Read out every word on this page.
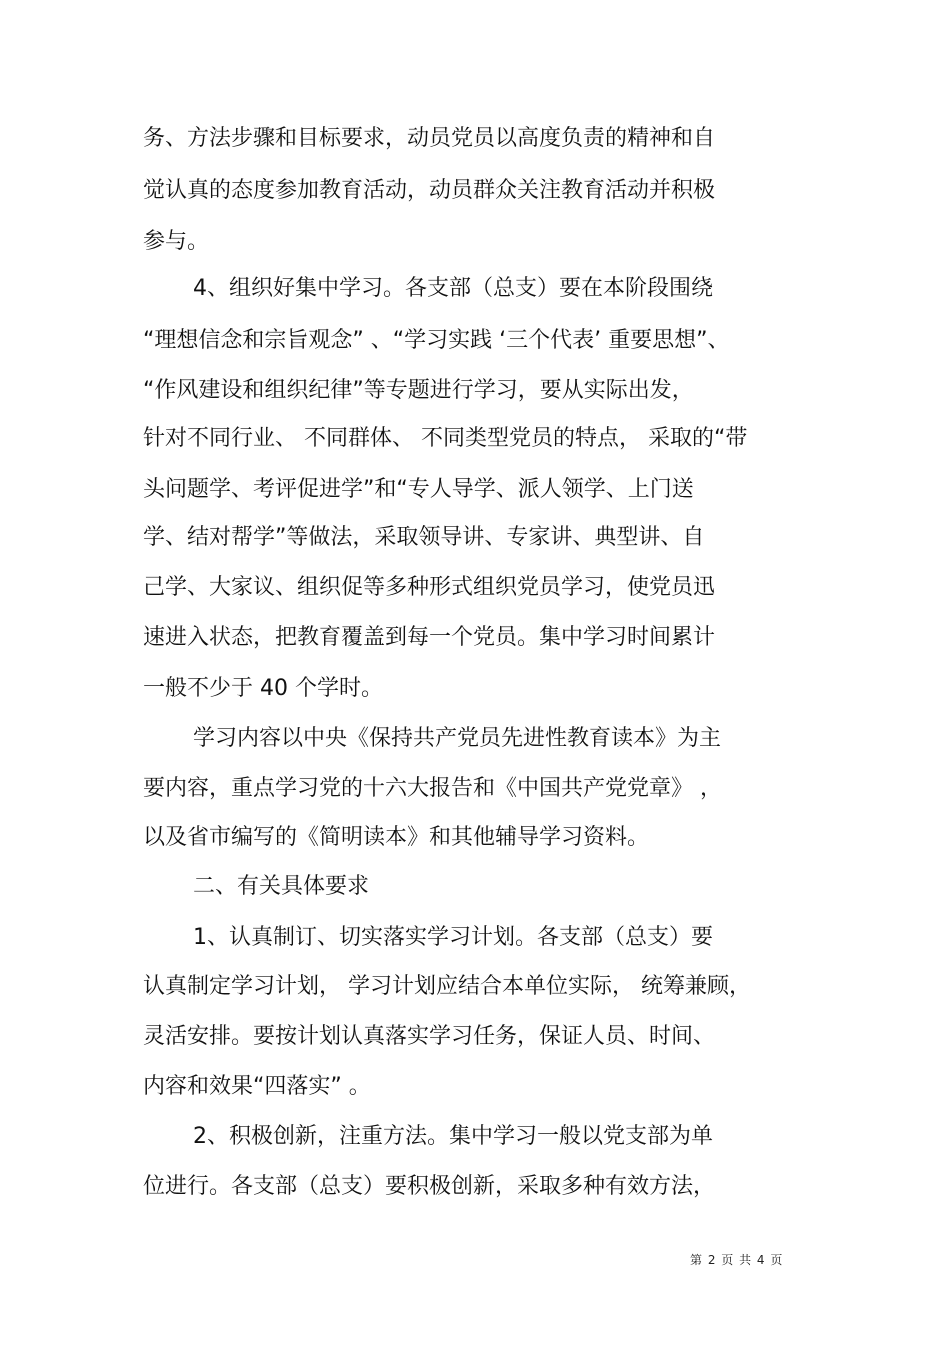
务、方法步骤和目标要求，动员党员以高度负责的精神和自
觉认真的态度参加教育活动，动员群众关注教育活动并积极
参与。
4、组织好集中学习。各支部（总支）要在本阶段围绕
“理想信念和宗旨观念” 、“学习实践 ‘三个代表’ 重要思想”、
“作风建设和组织纪律”等专题进行学习，要从实际出发，
针对不同行业、 不同群体、 不同类型党员的特点， 采取的“带
头问题学、考评促进学”和“专人导学、派人领学、上门送
学、结对帮学”等做法，采取领导讲、专家讲、典型讲、自
己学、大家议、组织促等多种形式组织党员学习，使党员迅
速进入状态，把教育覆盖到每一个党员。集中学习时间累计
一般不少于 40 个学时。
学习内容以中央《保持共产党员先进性教育读本》为主
要内容，重点学习党的十六大报告和《中国共产党党章》 ，
以及省市编写的《简明读本》和其他辅导学习资料。
二、有关具体要求
1、认真制订、切实落实学习计划。各支部（总支）要
认真制定学习计划， 学习计划应结合本单位实际， 统筹兼顾，
灵活安排。要按计划认真落实学习任务，保证人员、时间、
内容和效果“四落实” 。
2、积极创新，注重方法。集中学习一般以党支部为单
位进行。各支部（总支）要积极创新，采取多种有效方法，
第 2 页 共 4 页
